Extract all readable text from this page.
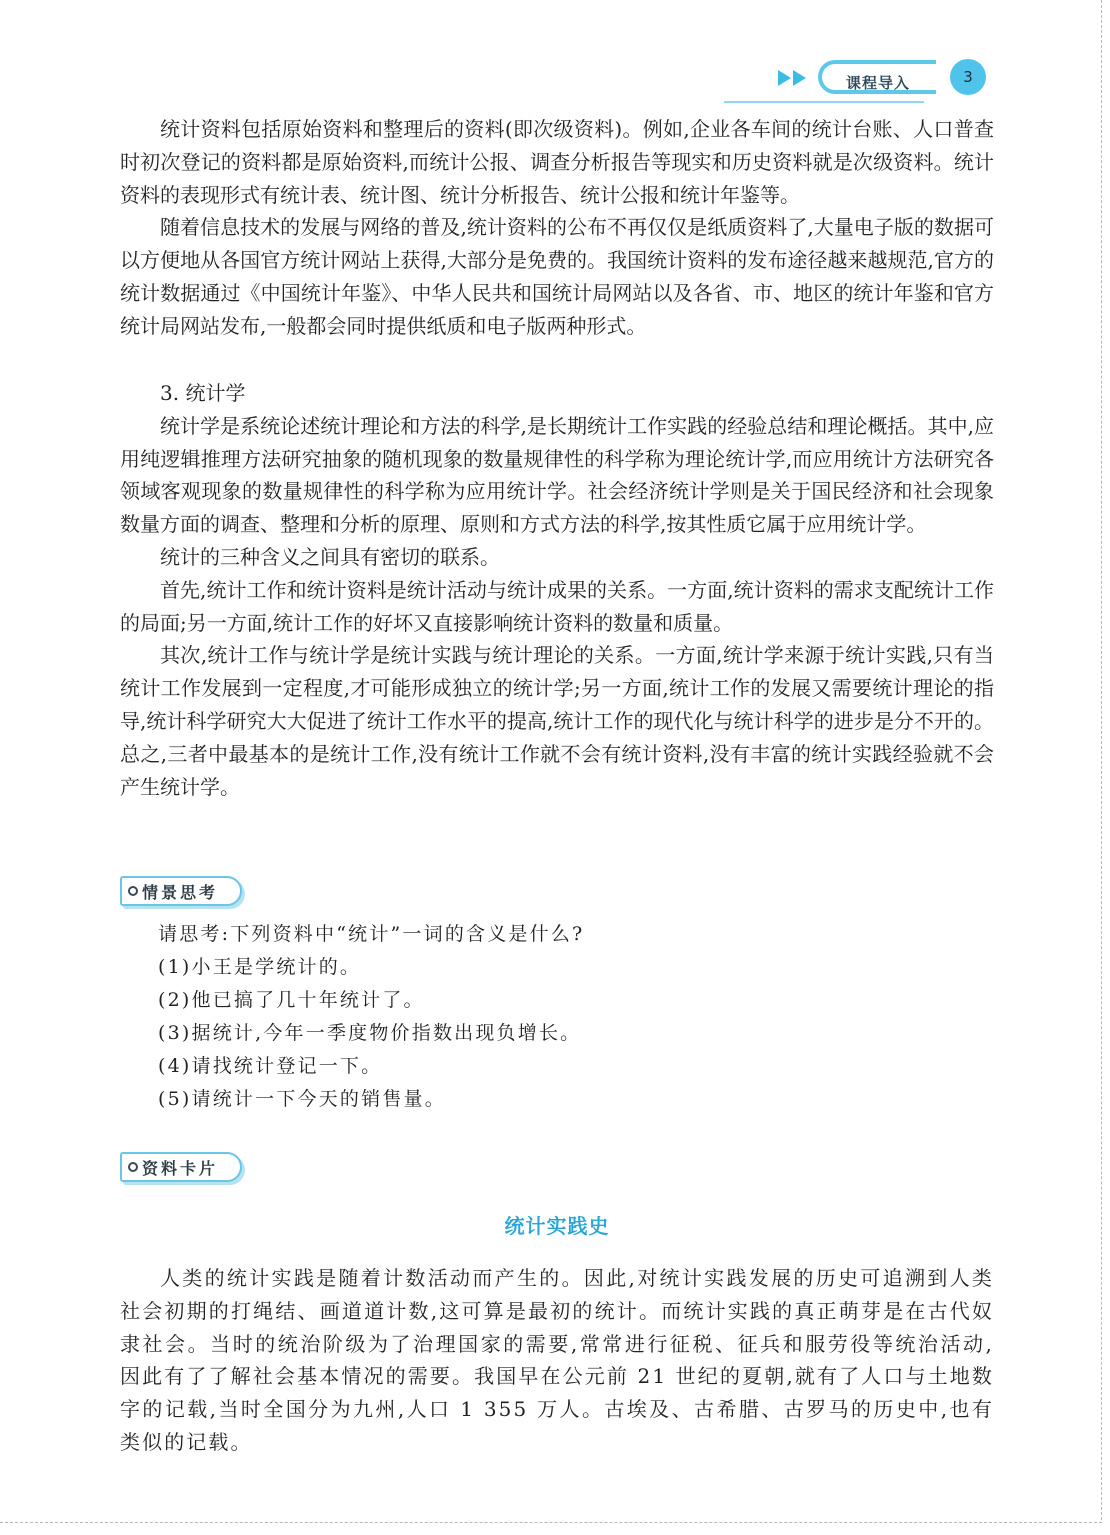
课程导入	3

统计资料包括原始资料和整理后的资料(即次级资料)。例如,企业各车间的统计台账、人口普查时初次登记的资料都是原始资料,而统计公报、调查分析报告等现实和历史资料就是次级资料。统计资料的表现形式有统计表、统计图、统计分析报告、统计公报和统计年鉴等。

随着信息技术的发展与网络的普及,统计资料的公布不再仅仅是纸质资料了,大量电子版的数据可以方便地从各国官方统计网站上获得,大部分是免费的。我国统计资料的发布途径越来越规范,官方的统计数据通过《中国统计年鉴》、中华人民共和国统计局网站以及各省、市、地区的统计年鉴和官方统计局网站发布,一般都会同时提供纸质和电子版两种形式。

3. 统计学

统计学是系统论述统计理论和方法的科学,是长期统计工作实践的经验总结和理论概括。其中,应用纯逻辑推理方法研究抽象的随机现象的数量规律性的科学称为理论统计学,而应用统计方法研究各领域客观现象的数量规律性的科学称为应用统计学。社会经济统计学则是关于国民经济和社会现象数量方面的调查、整理和分析的原理、原则和方式方法的科学,按其性质它属于应用统计学。

统计的三种含义之间具有密切的联系。

首先,统计工作和统计资料是统计活动与统计成果的关系。一方面,统计资料的需求支配统计工作的局面;另一方面,统计工作的好坏又直接影响统计资料的数量和质量。

其次,统计工作与统计学是统计实践与统计理论的关系。一方面,统计学来源于统计实践,只有当统计工作发展到一定程度,才可能形成独立的统计学;另一方面,统计工作的发展又需要统计理论的指导,统计科学研究大大促进了统计工作水平的提高,统计工作的现代化与统计科学的进步是分不开的。总之,三者中最基本的是统计工作,没有统计工作就不会有统计资料,没有丰富的统计实践经验就不会产生统计学。

情景思考

请思考:下列资料中“统计”一词的含义是什么?

(1)小王是学统计的。

(2)他已搞了几十年统计了。

(3)据统计,今年一季度物价指数出现负增长。

(4)请找统计登记一下。

(5)请统计一下今天的销售量。

资料卡片
统计实践史

人类的统计实践是随着计数活动而产生的。因此,对统计实践发展的历史可追溯到人类社会初期的打绳结、画道道计数,这可算是最初的统计。而统计实践的真正萌芽是在古代奴隶社会。当时的统治阶级为了治理国家的需要,常常进行征税、征兵和服劳役等统治活动,因此有了了解社会基本情况的需要。我国早在公元前 21 世纪的夏朝,就有了人口与土地数字的记载,当时全国分为九州,人口 1 355 万人。古埃及、古希腊、古罗马的历史中,也有类似的记载。
